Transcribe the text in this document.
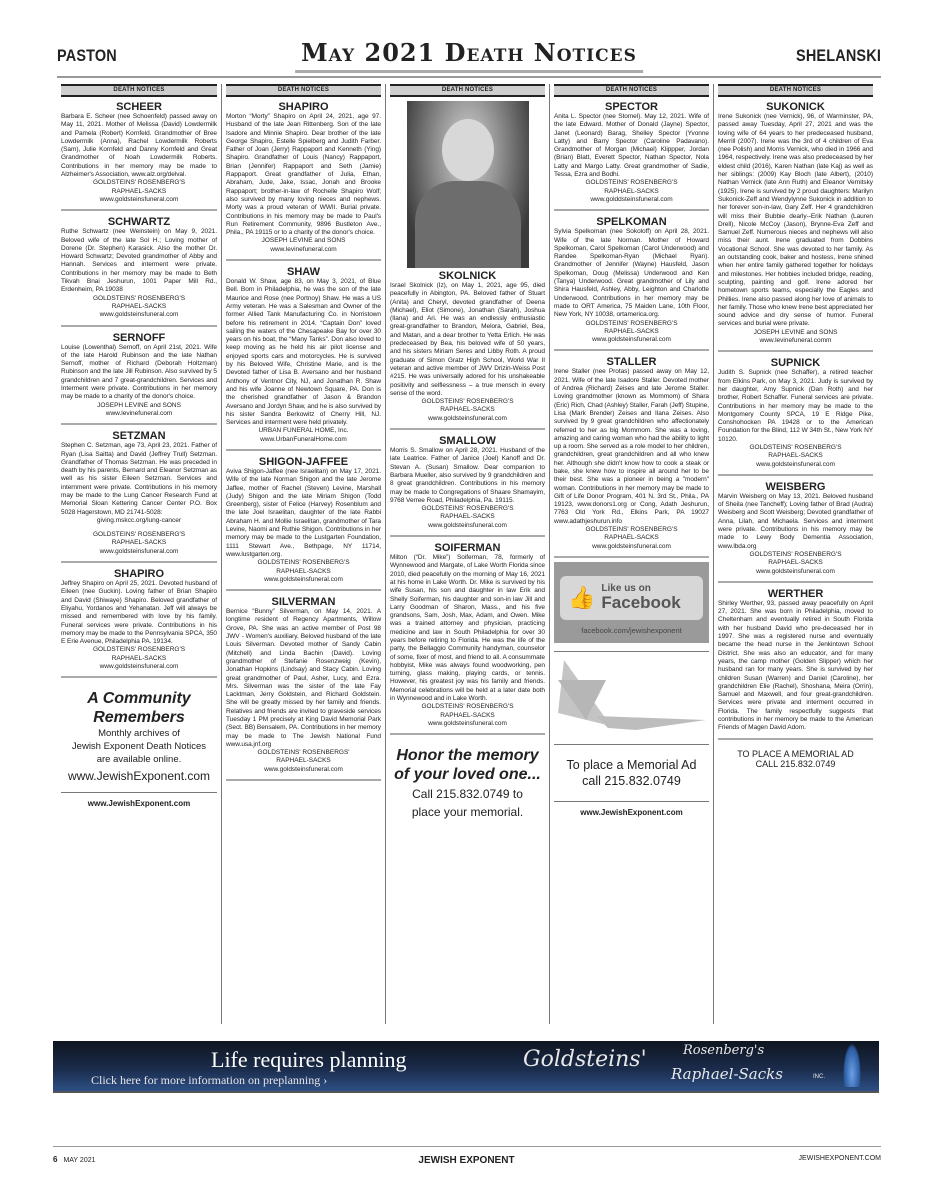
PASTON	May 2021 Death Notices	SHELANSKI
DEATH NOTICES
SCHEER
Barbara E. Scheer (nee Schoenfeld) passed away on May 11, 2021. Mother of Melissa (David) Lowdermilk and Pamela (Robert) Kornfeld. Grandmother of Bree Lowdermilk (Anna), Rachel Lowdermilk Roberts (Sam), Julie Kornfeld and Danny Kornfeld and Great Grandmother of Noah Lowdermilk Roberts. Contributions in her memory may be made to Alzheimer's Association, www.alz.org/delval.
GOLDSTEINS' ROSENBERG'S
RAPHAEL-SACKS
www.goldsteinsfuneral.com
SCHWARTZ
Ruthe Schwartz (nee Weinstein) on May 9, 2021. Beloved wife of the late Sol H.; Loving mother of Dorene (Dr. Stephen) Karasick. Also the mother Dr. Howard Schwartz; Devoted grandmother of Abby and Hannah. Services and interment were private. Contributions in her memory may be made to Beth Tikvah Bnai Jeshurun, 1001 Paper Mill Rd., Erdenheim, PA 19038
GOLDSTEINS' ROSENBERG'S
RAPHAEL-SACKS
www.goldsteinsfuneral.com
SERNOFF
Louise (Lowenthal) Sernoff, on April 21st, 2021. Wife of the late Harold Rubinson and the late Nathan Sernoff, mother of Richard (Deborah Holtzman) Rubinson and the late Jill Rubinson. Also survived by 5 grandchildren and 7 great-grandchildren. Services and Interment were private. Contributions in her memory may be made to a charity of the donor's choice.
JOSEPH LEVINE and SONS
www.levinefuneral.com
SETZMAN
Stephen C. Setzman, age 73, April 23, 2021. Father of Ryan (Lisa Saitta) and David (Jeffrey Trull) Setzman. Grandfather of Thomas Setzman. He was preceded in death by his parents, Bernard and Eleanor Setzman as well as his sister Eileen Setzman. Services and internment were private. Contributions in his memory may be made to the Lung Cancer Research Fund at Memorial Sloan Kettering Cancer Center P.O. Box 5028 Hagerstown, MD 21741-5028:
giving.mskcc.org/lung-cancer
GOLDSTEINS' ROSENBERG'S
RAPHAEL-SACKS
www.goldsteinsfuneral.com
SHAPIRO
Jeffrey Shapiro on April 25, 2021. Devoted husband of Eileen (nee Guckin). Loving father of Brian Shapiro and David (Shiwaye) Shapiro. Beloved grandfather of Eliyahu, Yordanos and Yehanatan. Jeff will always be missed and remembered with love by his family. Funeral services were private. Contributions in his memory may be made to the Pennsylvania SPCA, 350 E Erie Avenue, Philadelphia PA. 19134.
GOLDSTEINS' ROSENBERG'S
RAPHAEL-SACKS
www.goldsteinsfuneral.com
A Community
Remembers
Monthly archives of
Jewish Exponent Death Notices
are available online.
www.JewishExponent.com
www.JewishExponent.com
DEATH NOTICES
SHAPIRO
Morton “Morty” Shapiro on April 24, 2021, age 97. Husband of the late Jean Rittenberg. Son of the late Isadore and Minnie Shapiro. Dear brother of the late George Shapiro, Estelle Spielberg and Judith Farber. Father of Joan (Jerry) Rappaport and Kenneth (Ying) Shapiro. Grandfather of Louis (Nancy) Rappaport, Brian (Jennifer) Rappaport and Seth (Jamie) Rappaport. Great grandfather of Julia, Ethan, Abraham, Jude, Jake, Issac, Jonah and Brooke Rappaport; brother-in-law of Rochelle Shapiro Wolf; also survived by many loving nieces and nephews. Morty was a proud veteran of WWII. Burial private. Contributions in his memory may be made to Paul's Run Retirement Community, 9896 Bustleton Ave., Phila., PA 19115 or to a charity of the donor's choice.
JOSEPH LEVINE and SONS
www.levinefuneral.com
SHAW
Donald W. Shaw, age 83, on May 3, 2021, of Blue Bell. Born in Philadelphia, he was the son of the late Maurice and Rose (nee Portnoy) Shaw. He was a US Army veteran. He was a Salesman and Owner of the former Allied Tank Manufacturing Co. in Norristown before his retirement in 2014. “Captain Don” loved sailing the waters of the Chesapeake Bay for over 30 years on his boat, the “Many Tanks”. Don also loved to keep moving as he held his air pilot license and enjoyed sports cars and motorcycles. He is survived by his Beloved Wife, Christine Marie, and is the Devoted father of Lisa B. Aversano and her husband Anthony of Ventnor City, NJ, and Jonathan R. Shaw and his wife Joanne of Newtown Square, PA. Don is the cherished grandfather of Jason & Brandon Aversano and Jordyn Shaw, and he is also survived by his sister Sandra Berkowitz of Cherry Hill, NJ. Services and interment were held privately.
URBAN FUNERAL HOME, Inc.
www.UrbanFuneralHome.com
SHIGON-JAFFEE
Aviva Shigon-Jaffee (nee Israelitan) on May 17, 2021. Wife of the late Norman Shigon and the late Jerome Jaffee, mother of Rachel (Steven) Levine, Marshall (Judy) Shigon and the late Miriam Shigon (Todd Greenberg), sister of Felice (Harvey) Rosenblum and the late Joel Israelitan, daughter of the late Rabbi Abraham H. and Mollie Israelitan, grandmother of Tara Levine, Naomi and Ruthie Shigon. Contributions in her memory may be made to the Lustgarten Foundation, 1111 Stewart Ave., Bethpage, NY 11714, www.lustgarten.org.
GOLDSTEINS' ROSENBERG'S
RAPHAEL-SACKS
www.goldsteinsfuneral.com
SILVERMAN
Bernice “Bunny” Silverman, on May 14, 2021. A longtime resident of Regency Apartments, Willow Grove, PA. She was an active member of Post 98 JWV - Women's auxiliary. Beloved husband of the late Louis Silverman. Devoted mother of Sandy Cabin (Mitchell) and Linda Bachin (David). Loving grandmother of Stefanie Rosenzweig (Kevin), Jonathan Hopkins (Lindsay) and Stacy Cabin. Loving great grandmother of Paul, Asher, Lucy, and Ezra. Mrs. Silverman was the sister of the late Fay Lacktman, Jerry Goldstein, and Richard Goldstein. She will be greatly missed by her family and friends. Relatives and friends are invited to graveside services Tuesday 1 PM precisely at King David Memorial Park (Sect. BB) Bensalem, PA. Contributions in her memory may be made to The Jewish National Fund www.usa.jnf.org
GOLDSTEINS' ROSENBERGS'
RAPHAEL-SACKS
www.goldsteinsfuneral.com
DEATH NOTICES
SKOLNICK
Israel Skolnick (Iz), on May 1, 2021, age 95, died peacefully in Abington, PA. Beloved father of Stuart (Anita) and Cheryl, devoted grandfather of Deena (Michael), Eliot (Simone), Jonathan (Sarah), Joshua (Ilana) and Ari. He was an endlessly enthusiastic great-grandfather to Brandon, Melora, Gabriel, Bea, and Matan, and a dear brother to Yetta Erlich. He was predeceased by Bea, his beloved wife of 50 years, and his sisters Miriam Seres and Libby Roth. A proud graduate of Simon Gratz High School, World War II veteran and active member of JWV Drizin-Weiss Post #215. He was universally adored for his unshakeable positivity and selflessness – a true mensch in every sense of the word.
GOLDSTEINS' ROSENBERG'S
RAPHAEL-SACKS
www.goldsteinsfuneral.com
SMALLOW
Morris S. Smallow on April 28, 2021. Husband of the late Leatrice. Father of Janice (Joel) Kanoff and Dr. Stevan A. (Susan) Smallow. Dear companion to Barbara Mueller, also survived by 9 grandchildren and 8 great grandchildren. Contributions in his memory may be made to Congregations of Shaare Shamayim, 9768 Verree Road, Philadelphia, Pa. 19115.
GOLDSTEINS' ROSENBERG'S
RAPHAEL-SACKS
www.goldsteinsfuneral.com
SOIFERMAN
Milton (“Dr. Mike”) Soiferman, 78, formerly of Wynnewood and Margate, of Lake Worth Florida since 2010, died peacefully on the morning of May 16, 2021 at his home in Lake Worth. Dr. Mike is survived by his wife Susan, his son and daughter in law Erik and Shelly Soiferman, his daughter and son-in law Jill and Larry Goodman of Sharon, Mass., and his five grandsons, Sam, Josh, Max, Adam, and Owen. Mike was a trained attorney and physician, practicing medicine and law in South Philadelphia for over 30 years before retiring to Florida. He was the life of the party, the Bellaggio Community handyman, counselor of some, fixer of most, and friend to all. A consummate hobbyist, Mike was always found woodworking, pen turning, glass making, playing cards, or tennis. However, his greatest joy was his family and friends. Memorial celebrations will be held at a later date both in Wynnewood and in Lake Worth.
GOLDSTEINS' ROSENBERG'S
RAPHAEL-SACKS
www.goldsteinsfuneral.com
Honor the memory
of your loved one...
Call 215.832.0749 to
place your memorial.
DEATH NOTICES
SPECTOR
Anita L. Spector (nee Stomel). May 12, 2021. Wife of the late Edward. Mother of Donald (Jayne) Spector, Janet (Leonard) Barag, Shelley Spector (Yvonne Latty) and Barry Spector (Caroline Padavano). Grandmother of Morgan (Michael) Klippper, Jordan (Brian) Blatt, Everett Spector, Nathan Spector, Nola Latty and Margo Latty. Great grandmother of Sadie, Tessa, Ezra and Bodhi.
GOLDSTEINS' ROSENBERG'S
RAPHAEL-SACKS
www.golddsteinsfuneral.com
SPELKOMAN
Sylvia Spelkoman (nee Sokoloff) on April 28, 2021. Wife of the late Norman. Mother of Howard Spelkoman, Carol Spelkoman (Carol Underwood) and Randee Spelkoman-Ryan (Michael Ryan). Grandmother of Jennifer (Wayne) Hausfeld, Jason Spelkoman, Doug (Melissa) Underwood and Ken (Tanya) Underwood. Great grandmother of Lily and Shira Hausfeld, Ashley, Abby, Leighton and Charlotte Underwood. Contributions in her memory may be made to ORT America, 75 Maiden Lane, 10th Floor, New York, NY 10038, ortamerica.org.
GOLDSTEINS' ROSENBERG'S
RAPHAEL-SACKS
www.goldsteinsfuneral.com
STALLER
Irene Staller (nee Protas) passed away on May 12, 2021. Wife of the late Isadore Staller. Devoted mother of Andrea (Richard) Zeises and late Jerome Staller. Loving grandmother (known as Mommom) of Shara (Eric) Rich, Chad (Ashley) Staller, Farah (Jeff) Stupine, Lisa (Mark Brender) Zeises and Ilana Zeises. Also survived by 9 great grandchildren who affectionately referred to her as big Mommom. She was a loving, amazing and caring woman who had the ability to light up a room. She served as a role model to her children, grandchildren, great grandchildren and all who knew her. Although she didn't know how to cook a steak or bake, she knew how to inspire all around her to be their best. She was a pioneer in being a "modern" woman. Contributions in her memory may be made to Gift of Life Donor Program, 401 N. 3rd St., Phila., PA 19123, www.donors1.org or Cong, Adath Jeshurun, 7763 Old York Rd., Elkins Park, PA 19027 www.adathjeshurun.info
GOLDSTEINS' ROSENBERG'S
RAPHAEL-SACKS
www.goldsteinsfuneral.com
👍 Like us on
Facebook
facebook.com/jewishexponent
To place a Memorial Ad
call 215.832.0749
www.JewishExponent.com
DEATH NOTICES
SUKONICK
Irene Sukonick (nee Vernick), 96, of Warminster, PA, passed away Tuesday, April 27, 2021 and was the loving wife of 64 years to her predeceased husband, Merrill (2007). Irene was the 3rd of 4 children of Eva (nee Polish) and Morris Vernick, who died in 1966 and 1964, respectively. Irene was also predeceased by her eldest child (2016), Karen Nathan (late Kaj) as well as her siblings: (2009) Kay Bloch (late Albert), (2010) Nathan Vernick (late Ann Ruth) and Eleanor Vernitsky (1925). Irene is survived by 2 proud daughters: Marilyn Sukonick-Zeff and Wendylynne Sukonick in addition to her forever son-in-law, Gary Zeff. Her 4 grandchildren will miss their Bubbie dearly--Erik Nathan (Lauren Drell), Nicole McCoy (Jason), Brynne-Eva Zeff and Samuel Zeff. Numerous nieces and nephews will also miss their aunt. Irene graduated from Dobbins Vocational School. She was devoted to her family. As an outstanding cook, baker and hostess, Irene shined when her entire family gathered together for holidays and milestones. Her hobbies included bridge, reading, sculpting, painting and golf. Irene adored her hometown sports teams, especially the Eagles and Phillies. Irene also passed along her love of animals to her family. Those who knew Irene best appreciated her sound advice and dry sense of humor. Funeral services and burial were private.
JOSEPH LEVINE and SONS
www.levinefuneral.comm
SUPNICK
Judith S. Supnick (nee Schaffer), a retired teacher from Elkins Park, on May 3, 2021. Judy is survived by her daughter, Amy Supnick (Dan Roth) and her brother, Robert Schaffer. Funeral services are private. Contributions in her memory may be made to the Montgomery County SPCA, 19 E Ridge Pike, Conshohocken PA 19428 or to the American Foundation for the Blind, 112 W 34th St., New York NY 10120.
GOLDSTEINS' ROSENBERG'S
RAPHAEL-SACKS
www.goldsteinsfuneral.com
WEISBERG
Marvin Weisberg on May 13, 2021. Beloved husband of Sheila (nee Tancheff); Loving father of Brad (Audra) Weisberg and Scott Weisberg; Devoted grandfather of Anna, Lilah, and Michaela. Services and interment were private. Contributions in his memory may be made to Lewy Body Dementia Association, www.lbda.org
GOLDSTEINS' ROSENBERG'S
RAPHAEL-SACKS
www.goldsteinsfuneral.com
WERTHER
Shirley Werther, 93, passed away peacefully on April 27, 2021. She was born in Philadelphia, moved to Cheltenham and eventually retired in South Florida with her husband David who pre-deceased her in 1997. She was a registered nurse and eventually became the head nurse in the Jenkintown School District. She was also an educator, and for many years, the camp mother (Golden Slipper) which her husband ran for many years. She is survived by her children Susan (Warren) and Daniel (Caroline), her grandchildren Elie (Rachel), Shoshana, Meira (Orrin), Samuel and Maxwell, and four great-grandchildren. Services were private and interment occurred in Florida. The family respectfully suggests that contributions in her memory be made to the American Friends of Magen David Adom.
TO PLACE A MEMORIAL AD
CALL 215.832.0749
Life requires planning
Click here for more information on preplanning ›
Goldsteins'	Rosenberg's
Raphael-Sacks	INC.
6 MAY 2021	JEWISH EXPONENT	JEWISHEXPONENT.COM
